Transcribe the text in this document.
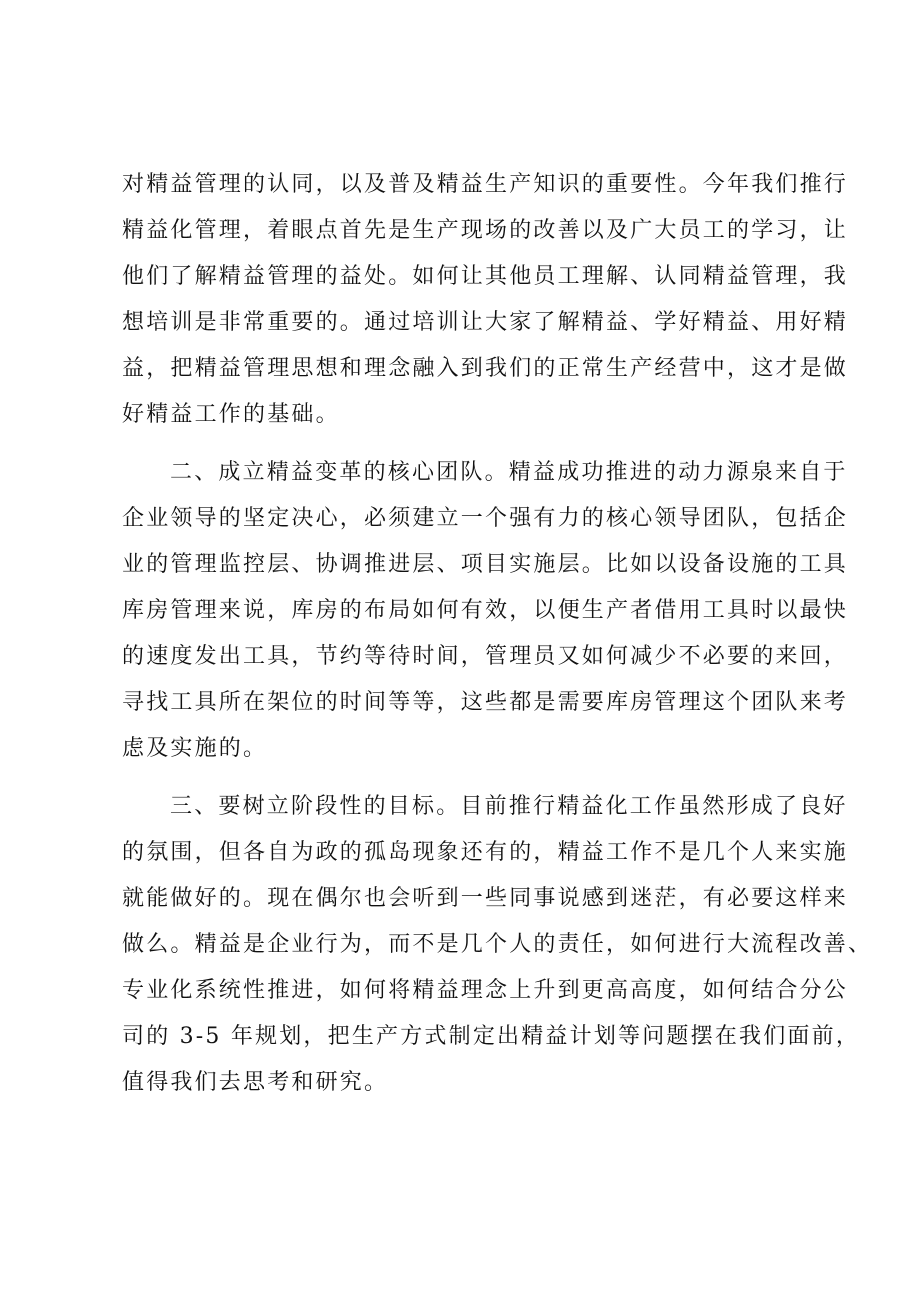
对精益管理的认同，以及普及精益生产知识的重要性。今年我们推行
精益化管理，着眼点首先是生产现场的改善以及广大员工的学习，让
他们了解精益管理的益处。如何让其他员工理解、认同精益管理，我
想培训是非常重要的。通过培训让大家了解精益、学好精益、用好精
益，把精益管理思想和理念融入到我们的正常生产经营中，这才是做
好精益工作的基础。
二、成立精益变革的核心团队。精益成功推进的动力源泉来自于
企业领导的坚定决心，必须建立一个强有力的核心领导团队，包括企
业的管理监控层、协调推进层、项目实施层。比如以设备设施的工具
库房管理来说，库房的布局如何有效，以便生产者借用工具时以最快
的速度发出工具，节约等待时间，管理员又如何减少不必要的来回，
寻找工具所在架位的时间等等，这些都是需要库房管理这个团队来考
虑及实施的。
三、要树立阶段性的目标。目前推行精益化工作虽然形成了良好
的氛围，但各自为政的孤岛现象还有的，精益工作不是几个人来实施
就能做好的。现在偶尔也会听到一些同事说感到迷茫，有必要这样来
做么。精益是企业行为，而不是几个人的责任，如何进行大流程改善、
专业化系统性推进，如何将精益理念上升到更高高度，如何结合分公
司的 3-5 年规划，把生产方式制定出精益计划等问题摆在我们面前，
值得我们去思考和研究。
